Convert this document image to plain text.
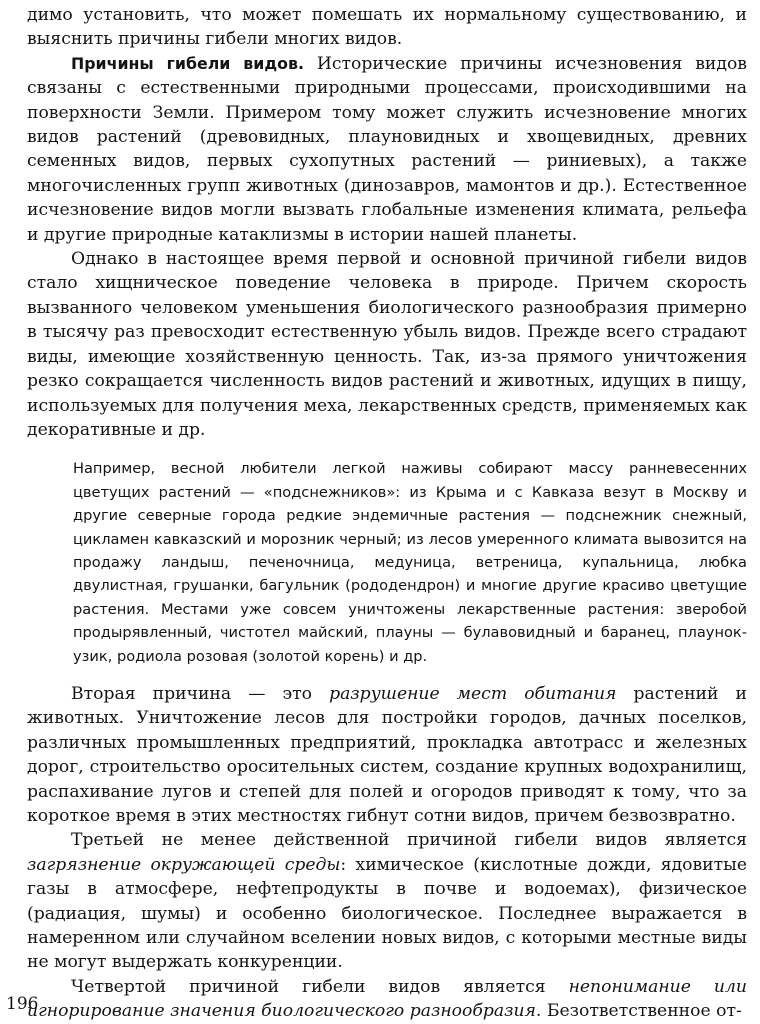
димо установить, что может помешать их нормальному существованию, и выяснить причины гибели многих видов.

Причины гибели видов. Исторические причины исчезновения видов связаны с естественными природными процессами, происходившими на поверхности Земли. Примером тому может служить исчезновение многих видов растений (древовидных, плауновидных и хвощевидных, древних семенных видов, первых сухопутных растений — риниевых), а также многочисленных групп животных (динозавров, мамонтов и др.). Естественное исчезновение видов могли вызвать глобальные изменения климата, рельефа и другие природные катаклизмы в истории нашей планеты.

Однако в настоящее время первой и основной причиной гибели видов стало хищническое поведение человека в природе. Причем скорость вызванного человеком уменьшения биологического разнообразия примерно в тысячу раз превосходит естественную убыль видов. Прежде всего страдают виды, имеющие хозяйственную ценность. Так, из-за прямого уничтожения резко сокращается численность видов растений и животных, идущих в пищу, используемых для получения меха, лекарственных средств, применяемых как декоративные и др.

Например, весной любители легкой наживы собирают массу ранневесенних цветущих растений — «подснежников»: из Крыма и с Кавказа везут в Москву и другие северные города редкие эндемичные растения — подснежник снежный, цикламен кавказский и морозник черный; из лесов умеренного климата вывозится на продажу ландыш, печеночница, медуница, ветреница, купальница, любка двулистная, грушанки, багульник (рододендрон) и многие другие красиво цветущие растения. Местами уже совсем уничтожены лекарственные растения: зверобой продырявленный, чистотел майский, плауны — булавовидный и баранец, плаунок-узик, родиола розовая (золотой корень) и др.

Вторая причина — это разрушение мест обитания растений и животных. Уничтожение лесов для постройки городов, дачных поселков, различных промышленных предприятий, прокладка автотрасс и железных дорог, строительство оросительных систем, создание крупных водохранилищ, распахивание лугов и степей для полей и огородов приводят к тому, что за короткое время в этих местностях гибнут сотни видов, причем безвозвратно.

Третьей не менее действенной причиной гибели видов является загрязнение окружающей среды: химическое (кислотные дожди, ядовитые газы в атмосфере, нефтепродукты в почве и водоемах), физическое (радиация, шумы) и особенно биологическое. Последнее выражается в намеренном или случайном вселении новых видов, с которыми местные виды не могут выдержать конкуренции.

Четвертой причиной гибели видов является непонимание или игнорирование значения биологического разнообразия. Безответственное от-

196
